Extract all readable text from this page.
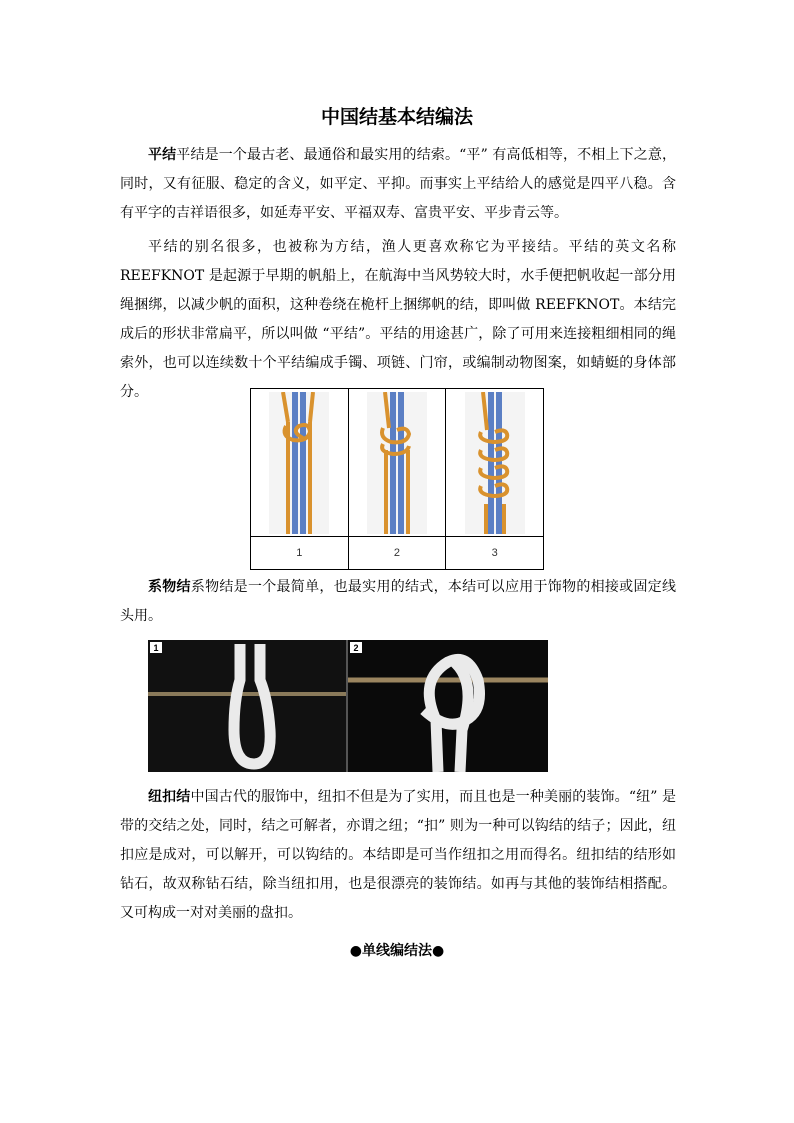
中国结基本结编法

平结平结是一个最古老、最通俗和最实用的结索。“平” 有高低相等，不相上下之意，同时，又有征服、稳定的含义，如平定、平抑。而事实上平结给人的感觉是四平八稳。含有平字的吉祥语很多，如延寿平安、平福双寿、富贵平安、平步青云等。

平结的别名很多，也被称为方结，渔人更喜欢称它为平接结。平结的英文名称 REEFKNOT 是起源于早期的帆船上，在航海中当风势较大时，水手便把帆收起一部分用绳捆绑，以减少帆的面积，这种卷绕在桅杆上捆绑帆的结，即叫做 REEFKNOT。本结完成后的形状非常扁平，所以叫做 “平结”。平结的用途甚广，除了可用来连接粗细相同的绳索外，也可以连续数十个平结编成手镯、项链、门帘，或编制动物图案，如蜻蜓的身体部分。

1	2	3

系物结系物结是一个最简单，也最实用的结式，本结可以应用于饰物的相接或固定线头用。

1	2

纽扣结中国古代的服饰中，纽扣不但是为了实用，而且也是一种美丽的装饰。“纽” 是带的交结之处，同时，结之可解者，亦谓之纽；“扣” 则为一种可以钩结的结子；因此，纽扣应是成对，可以解开，可以钩结的。本结即是可当作纽扣之用而得名。纽扣结的结形如钻石，故双称钻石结，除当纽扣用，也是很漂亮的装饰结。如再与其他的装饰结相搭配。又可构成一对对美丽的盘扣。

●单线编结法●
